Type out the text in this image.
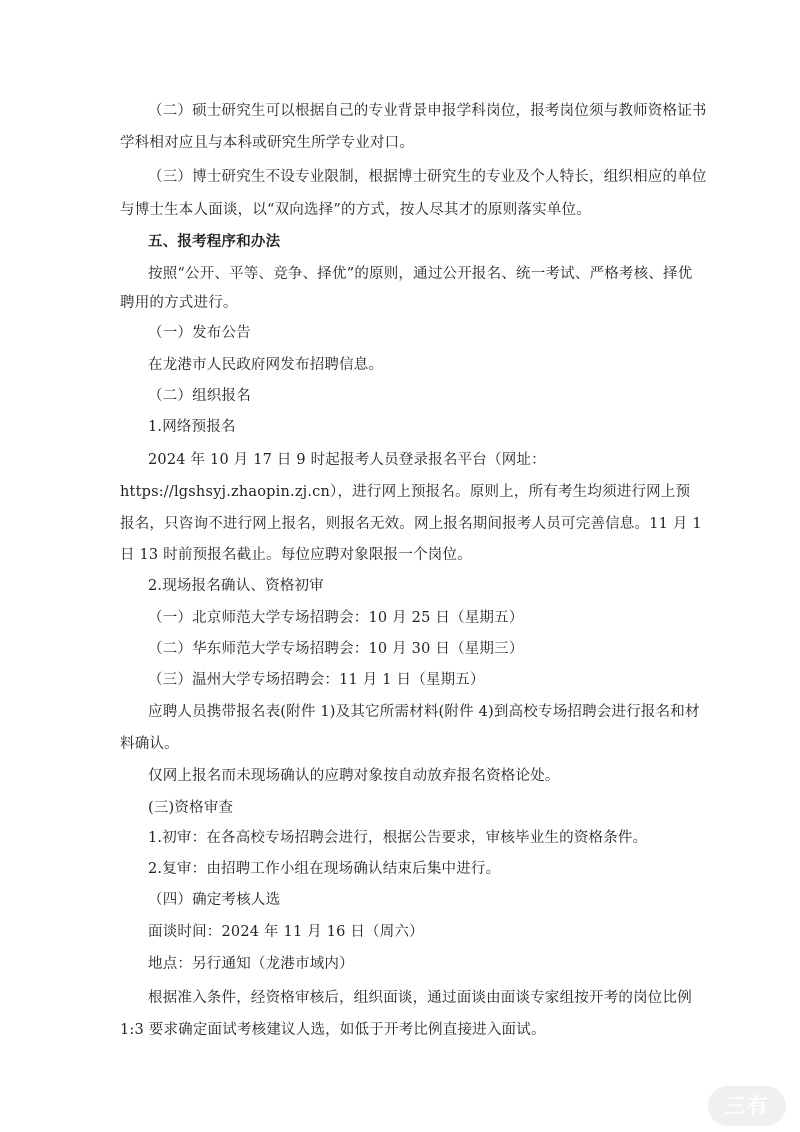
（二）硕士研究生可以根据自己的专业背景申报学科岗位，报考岗位须与教师资格证书
学科相对应且与本科或研究生所学专业对口。
（三）博士研究生不设专业限制，根据博士研究生的专业及个人特长，组织相应的单位
与博士生本人面谈，以“双向选择”的方式，按人尽其才的原则落实单位。
五、报考程序和办法
按照“公开、平等、竞争、择优”的原则，通过公开报名、统一考试、严格考核、择优
聘用的方式进行。
（一）发布公告
在龙港市人民政府网发布招聘信息。
（二）组织报名
1.网络预报名
2024 年 10 月 17 日 9 时起报考人员登录报名平台（网址：
https://lgshsyj.zhaopin.zj.cn），进行网上预报名。原则上，所有考生均须进行网上预
报名，只咨询不进行网上报名，则报名无效。网上报名期间报考人员可完善信息。11 月 1
日 13 时前预报名截止。每位应聘对象限报一个岗位。
2.现场报名确认、资格初审
（一）北京师范大学专场招聘会：10 月 25 日（星期五）
（二）华东师范大学专场招聘会：10 月 30 日（星期三）
（三）温州大学专场招聘会：11 月 1 日（星期五）
应聘人员携带报名表(附件 1)及其它所需材料(附件 4)到高校专场招聘会进行报名和材
料确认。
仅网上报名而未现场确认的应聘对象按自动放弃报名资格论处。
(三)资格审查
1.初审：在各高校专场招聘会进行，根据公告要求，审核毕业生的资格条件。
2.复审：由招聘工作小组在现场确认结束后集中进行。
（四）确定考核人选
面谈时间：2024 年 11 月 16 日（周六）
地点：另行通知（龙港市域内）
根据准入条件，经资格审核后，组织面谈，通过面谈由面谈专家组按开考的岗位比例
1:3 要求确定面试考核建议人选，如低于开考比例直接进入面试。
三有
